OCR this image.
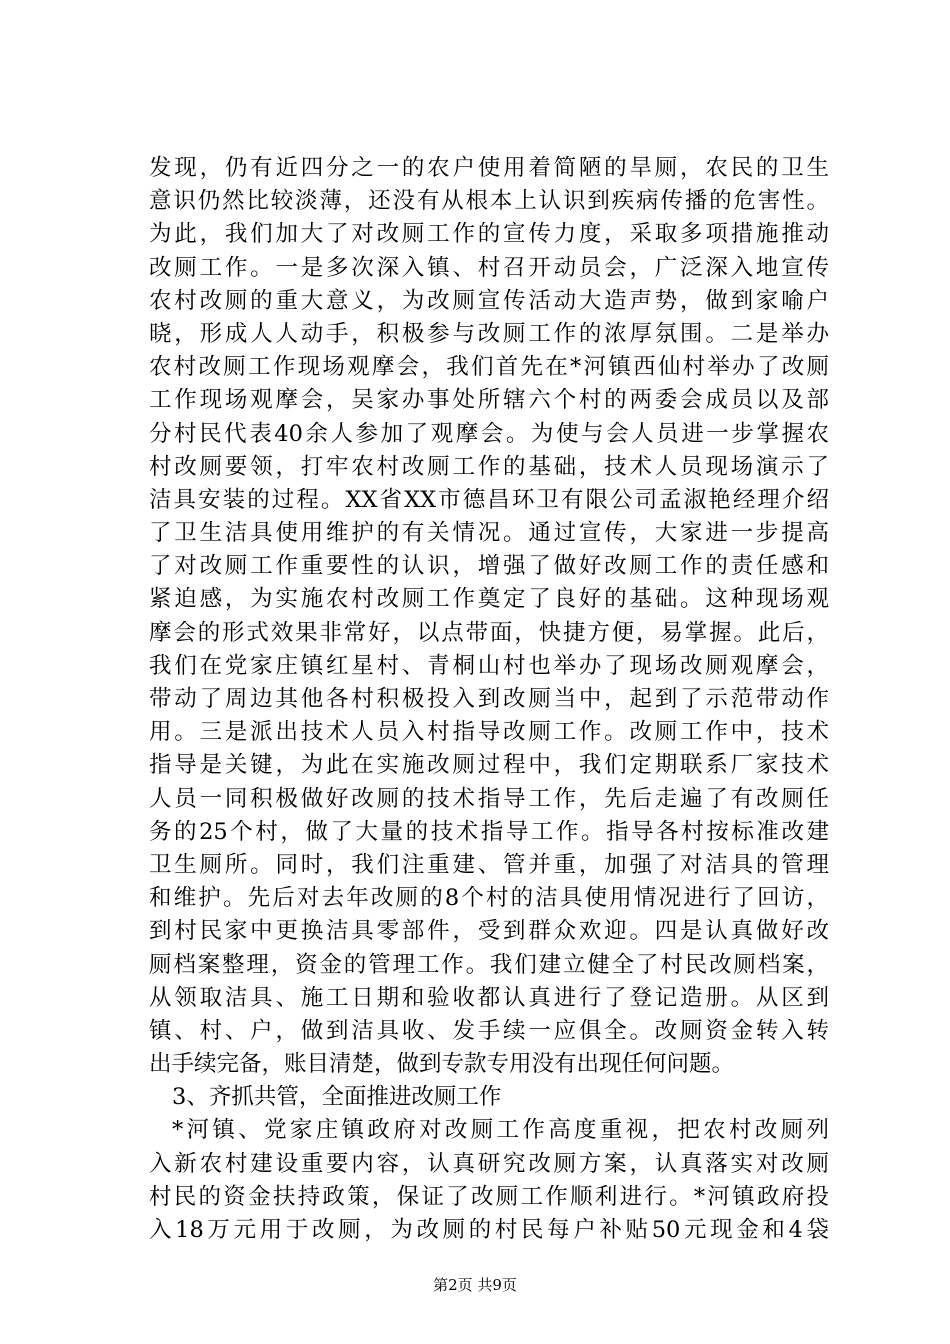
发现，仍有近四分之一的农户使用着简陋的旱厕，农民的卫生
意识仍然比较淡薄，还没有从根本上认识到疾病传播的危害性。
为此，我们加大了对改厕工作的宣传力度，采取多项措施推动
改厕工作。一是多次深入镇、村召开动员会，广泛深入地宣传
农村改厕的重大意义，为改厕宣传活动大造声势，做到家喻户
晓，形成人人动手，积极参与改厕工作的浓厚氛围。二是举办
农村改厕工作现场观摩会，我们首先在*河镇西仙村举办了改厕
工作现场观摩会，吴家办事处所辖六个村的两委会成员以及部
分村民代表40余人参加了观摩会。为使与会人员进一步掌握农
村改厕要领，打牢农村改厕工作的基础，技术人员现场演示了
洁具安装的过程。XX省XX市德昌环卫有限公司孟淑艳经理介绍
了卫生洁具使用维护的有关情况。通过宣传，大家进一步提高
了对改厕工作重要性的认识，增强了做好改厕工作的责任感和
紧迫感，为实施农村改厕工作奠定了良好的基础。这种现场观
摩会的形式效果非常好，以点带面，快捷方便，易掌握。此后，
我们在党家庄镇红星村、青桐山村也举办了现场改厕观摩会，
带动了周边其他各村积极投入到改厕当中，起到了示范带动作
用。三是派出技术人员入村指导改厕工作。改厕工作中，技术
指导是关键，为此在实施改厕过程中，我们定期联系厂家技术
人员一同积极做好改厕的技术指导工作，先后走遍了有改厕任
务的25个村，做了大量的技术指导工作。指导各村按标准改建
卫生厕所。同时，我们注重建、管并重，加强了对洁具的管理
和维护。先后对去年改厕的8个村的洁具使用情况进行了回访，
到村民家中更换洁具零部件，受到群众欢迎。四是认真做好改
厕档案整理，资金的管理工作。我们建立健全了村民改厕档案，
从领取洁具、施工日期和验收都认真进行了登记造册。从区到
镇、村、户，做到洁具收、发手续一应俱全。改厕资金转入转
出手续完备，账目清楚，做到专款专用没有出现任何问题。
3、齐抓共管，全面推进改厕工作
*河镇、党家庄镇政府对改厕工作高度重视，把农村改厕列
入新农村建设重要内容，认真研究改厕方案，认真落实对改厕
村民的资金扶持政策，保证了改厕工作顺利进行。*河镇政府投
入18万元用于改厕，为改厕的村民每户补贴50元现金和4袋
第2页 共9页
